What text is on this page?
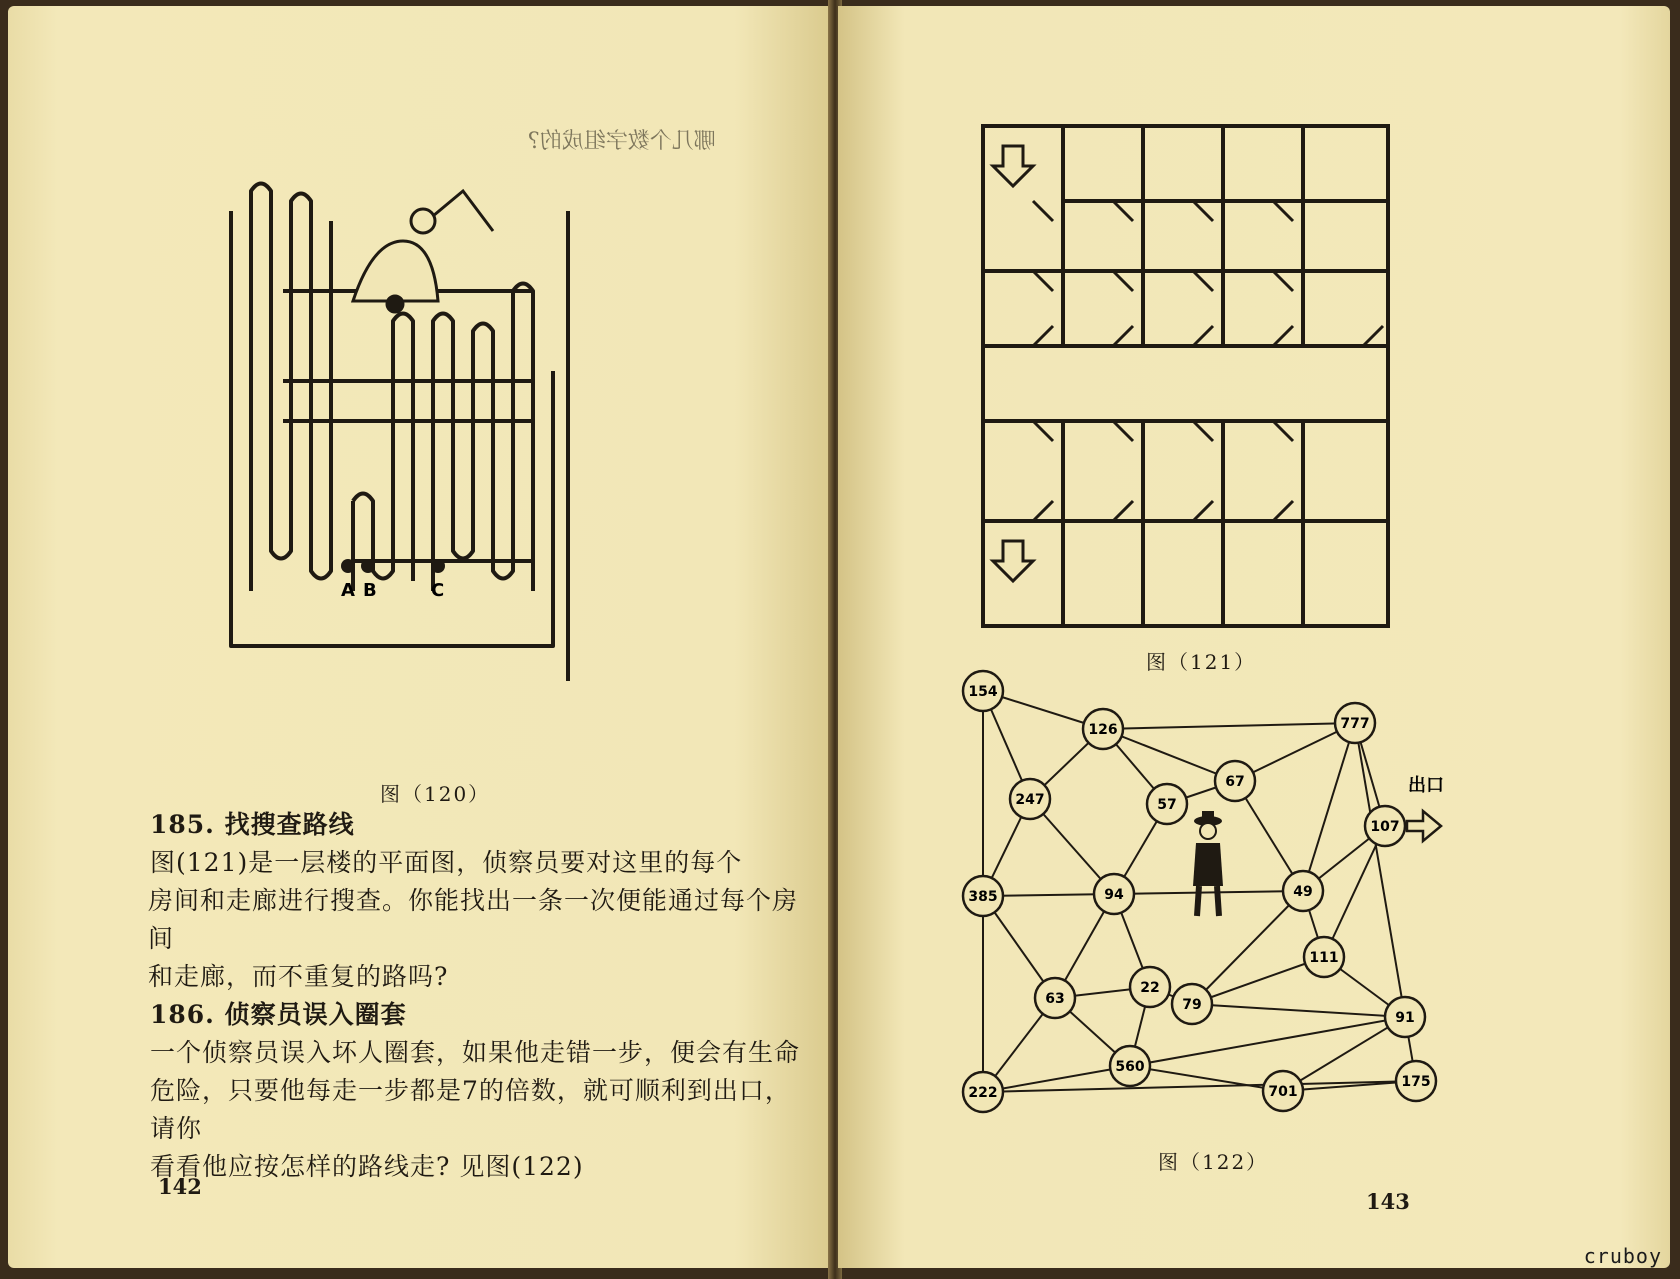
哪几个数字组成的?
A B	C
图（120）

185. 找搜查路线

图(121)是一层楼的平面图，侦察员要对这里的每个

房间和走廊进行搜查。你能找出一条一次便能通过每个房间

和走廊，而不重复的路吗?

186. 侦察员误入圈套

一个侦察员误入坏人圈套，如果他走错一步，便会有生命

危险，只要他每走一步都是7的倍数，就可顺利到出口，请你

看看他应按怎样的路线走? 见图(122)

142
图（121）
154
126	777
67
247	57
107
385	94	49
111
63
22
79
91
560
222	701
175
出口
图（122）
143
cruboy
